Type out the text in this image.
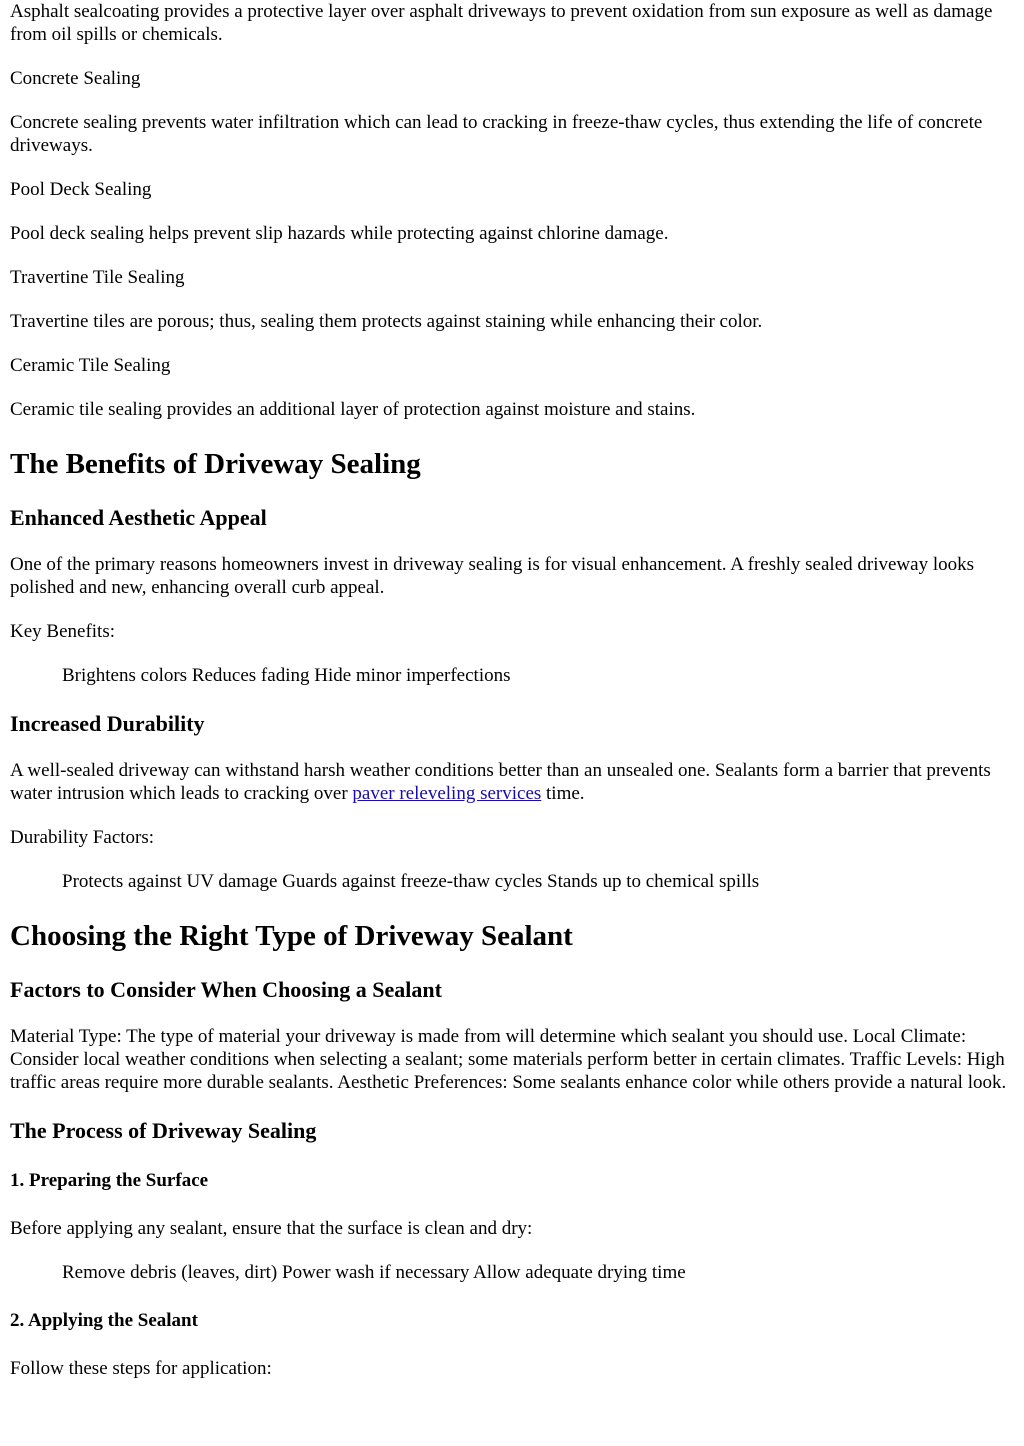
Asphalt sealcoating provides a protective layer over asphalt driveways to prevent oxidation from sun exposure as well as damage from oil spills or chemicals.

Concrete Sealing

Concrete sealing prevents water infiltration which can lead to cracking in freeze-thaw cycles, thus extending the life of concrete driveways.

Pool Deck Sealing

Pool deck sealing helps prevent slip hazards while protecting against chlorine damage.

Travertine Tile Sealing

Travertine tiles are porous; thus, sealing them protects against staining while enhancing their color.

Ceramic Tile Sealing

Ceramic tile sealing provides an additional layer of protection against moisture and stains.

The Benefits of Driveway Sealing
Enhanced Aesthetic Appeal

One of the primary reasons homeowners invest in driveway sealing is for visual enhancement. A freshly sealed driveway looks polished and new, enhancing overall curb appeal.

Key Benefits:

Brightens colors Reduces fading Hide minor imperfections

Increased Durability

A well-sealed driveway can withstand harsh weather conditions better than an unsealed one. Sealants form a barrier that prevents water intrusion which leads to cracking over paver releveling services time.

Durability Factors:

Protects against UV damage Guards against freeze-thaw cycles Stands up to chemical spills

Choosing the Right Type of Driveway Sealant
Factors to Consider When Choosing a Sealant

Material Type: The type of material your driveway is made from will determine which sealant you should use. Local Climate: Consider local weather conditions when selecting a sealant; some materials perform better in certain climates. Traffic Levels: High traffic areas require more durable sealants. Aesthetic Preferences: Some sealants enhance color while others provide a natural look.

The Process of Driveway Sealing
1. Preparing the Surface

Before applying any sealant, ensure that the surface is clean and dry:

Remove debris (leaves, dirt) Power wash if necessary Allow adequate drying time

2. Applying the Sealant

Follow these steps for application:
